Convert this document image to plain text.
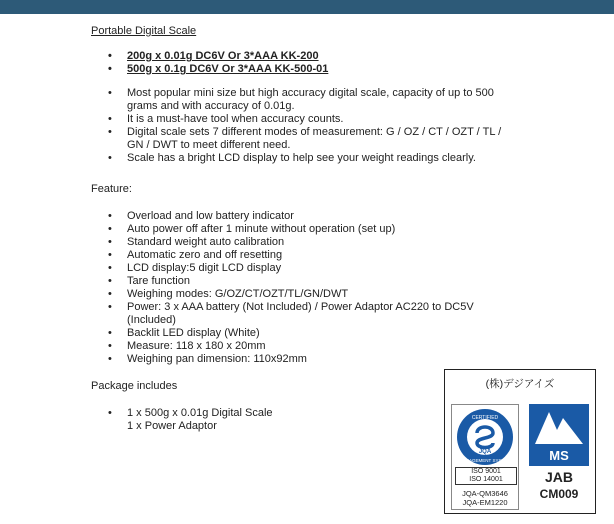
Portable Digital Scale
• 200g x 0.01g DC6V Or 3*AAA KK-200
• 500g x 0.1g DC6V Or 3*AAA KK-500-01
• Most popular mini size but high accuracy digital scale, capacity of up to 500 grams and with accuracy of 0.01g.
• It is a must-have tool when accuracy counts.
• Digital scale sets 7 different modes of measurement: G / OZ / CT / OZT / TL / GN / DWT to meet different need.
• Scale has a bright LCD display to help see your weight readings clearly.
Feature:
• Overload and low battery indicator
• Auto power off after 1 minute without operation (set up)
• Standard weight auto calibration
• Automatic zero and off resetting
• LCD display:5 digit LCD display
• Tare function
• Weighing modes: G/OZ/CT/OZT/TL/GN/DWT
• Power: 3 x AAA battery (Not Included) / Power Adaptor AC220 to DC5V (Included)
• Backlit LED display (White)
• Measure: 118 x 180 x 20mm
• Weighing pan dimension: 110x92mm
Package includes
• 1 x 500g x 0.01g Digital Scale
1 x Power Adaptor
(株)デジアイズ
CERTIFIED
MANAGEMENT SYSTEM
JQA
ISO 9001
ISO 14001
JQA-QM3646
JQA-EM1220
MS
JAB
CM009
